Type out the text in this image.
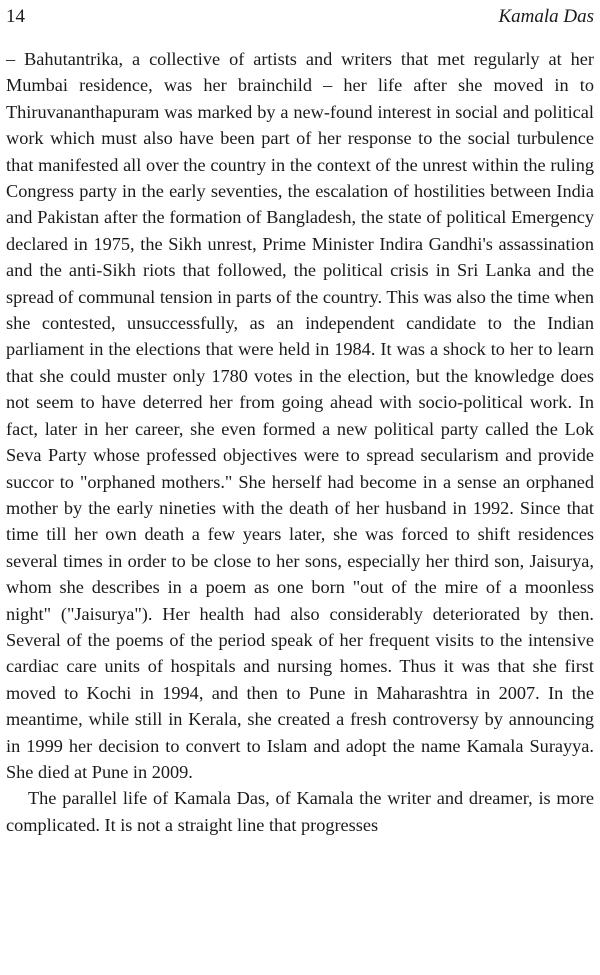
14	Kamala Das

– Bahutantrika, a collective of artists and writers that met regularly at her Mumbai residence, was her brainchild – her life after she moved in to Thiruvananthapuram was marked by a new-found interest in social and political work which must also have been part of her response to the social turbulence that manifested all over the country in the context of the unrest within the ruling Congress party in the early seventies, the escalation of hostilities between India and Pakistan after the formation of Bangladesh, the state of political Emergency declared in 1975, the Sikh unrest, Prime Minister Indira Gandhi's assassination and the anti-Sikh riots that followed, the political crisis in Sri Lanka and the spread of communal tension in parts of the country. This was also the time when she contested, unsuccessfully, as an independent candidate to the Indian parliament in the elections that were held in 1984. It was a shock to her to learn that she could muster only 1780 votes in the election, but the knowledge does not seem to have deterred her from going ahead with socio-political work. In fact, later in her career, she even formed a new political party called the Lok Seva Party whose professed objectives were to spread secularism and provide succor to "orphaned mothers." She herself had become in a sense an orphaned mother by the early nineties with the death of her husband in 1992. Since that time till her own death a few years later, she was forced to shift residences several times in order to be close to her sons, especially her third son, Jaisurya, whom she describes in a poem as one born "out of the mire of a moonless night" ("Jaisurya"). Her health had also considerably deteriorated by then. Several of the poems of the period speak of her frequent visits to the intensive cardiac care units of hospitals and nursing homes. Thus it was that she first moved to Kochi in 1994, and then to Pune in Maharashtra in 2007. In the meantime, while still in Kerala, she created a fresh controversy by announcing in 1999 her decision to convert to Islam and adopt the name Kamala Surayya. She died at Pune in 2009.

The parallel life of Kamala Das, of Kamala the writer and dreamer, is more complicated. It is not a straight line that progresses
